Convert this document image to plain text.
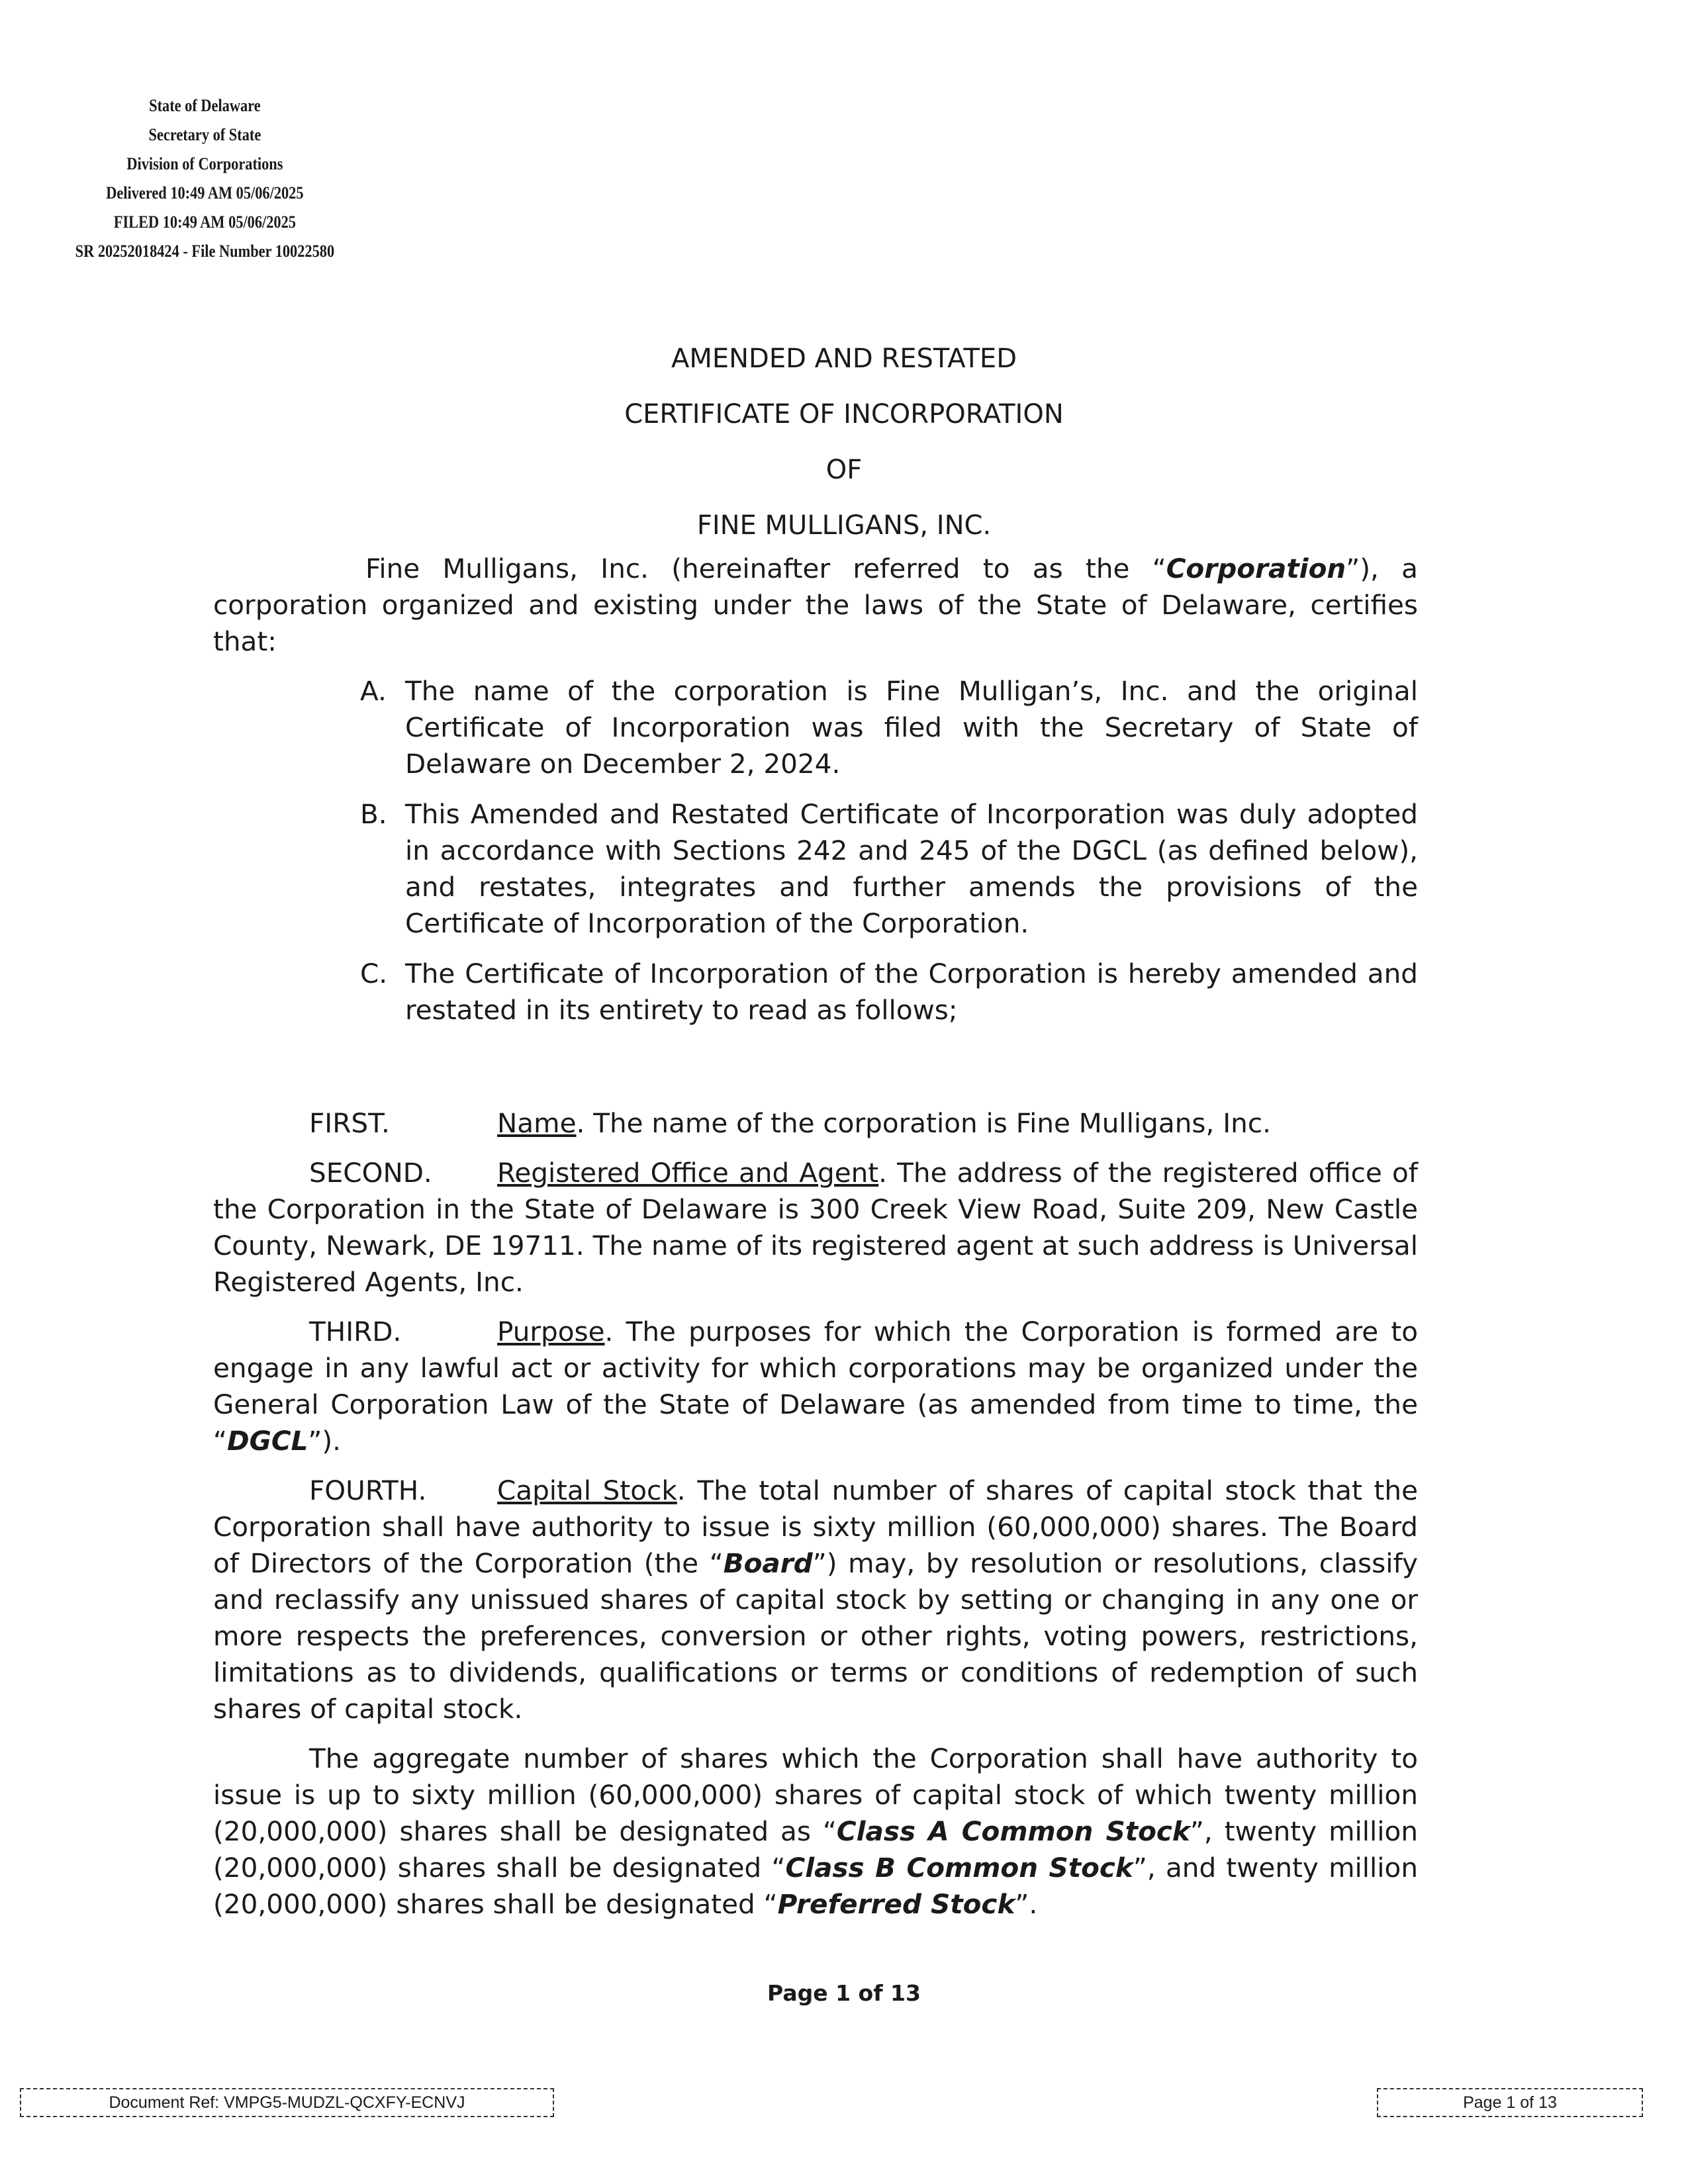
State of Delaware
Secretary of State
Division of Corporations
Delivered 10:49 AM 05/06/2025
FILED 10:49 AM 05/06/2025
SR 20252018424 - File Number 10022580
AMENDED AND RESTATED
CERTIFICATE OF INCORPORATION
OF
FINE MULLIGANS, INC.

Fine Mulligans, Inc. (hereinafter referred to as the “Corporation”), a corporation organized and existing under the laws of the State of Delaware, certifies that:

A. The name of the corporation is Fine Mulligan’s, Inc. and the original Certificate of Incorporation was filed with the Secretary of State of Delaware on December 2, 2024.
B. This Amended and Restated Certificate of Incorporation was duly adopted in accordance with Sections 242 and 245 of the DGCL (as defined below), and restates, integrates and further amends the provisions of the Certificate of Incorporation of the Corporation.
C. The Certificate of Incorporation of the Corporation is hereby amended and restated in its entirety to read as follows;

FIRST.	Name. The name of the corporation is Fine Mulligans, Inc.

SECOND. Registered Office and Agent. The address of the registered office of the Corporation in the State of Delaware is 300 Creek View Road, Suite 209, New Castle County, Newark, DE 19711. The name of its registered agent at such address is Universal Registered Agents, Inc.

THIRD.	Purpose. The purposes for which the Corporation is formed are to engage in any lawful act or activity for which corporations may be organized under the General Corporation Law of the State of Delaware (as amended from time to time, the “DGCL”).

FOURTH.	Capital Stock. The total number of shares of capital stock that the Corporation shall have authority to issue is sixty million (60,000,000) shares. The Board of Directors of the Corporation (the “Board”) may, by resolution or resolutions, classify and reclassify any unissued shares of capital stock by setting or changing in any one or more respects the preferences, conversion or other rights, voting powers, restrictions, limitations as to dividends, qualifications or terms or conditions of redemption of such shares of capital stock.

The aggregate number of shares which the Corporation shall have authority to issue is up to sixty million (60,000,000) shares of capital stock of which twenty million (20,000,000) shares shall be designated as “Class A Common Stock”, twenty million (20,000,000) shares shall be designated “Class B Common Stock”, and twenty million (20,000,000) shares shall be designated “Preferred Stock”.

Page 1 of 13
Document Ref: VMPG5-MUDZL-QCXFY-ECNVJ	Page 1 of 13
